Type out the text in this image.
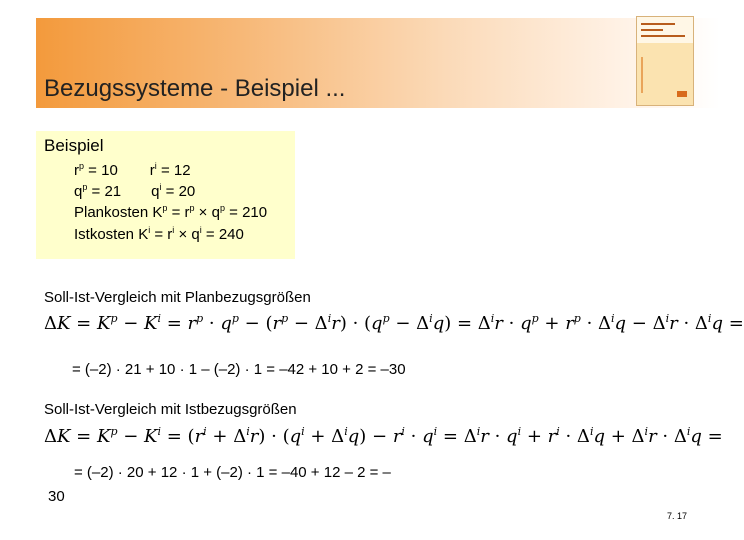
Bezugssysteme - Beispiel ...
Beispiel
$r^p = 10$ $r^i = 12$
$q^p = 21$ $q^i = 20$
Plankosten $K^p = r^p \times q^p = 210$
Istkosten $K^i = r^i \times q^i = 240$
Soll-Ist-Vergleich mit Planbezugsgrößen
$\Delta K = K^p - K^i = r^p \cdot q^p - (r^p - \Delta^ir) \cdot (q^p - \Delta^iq) = \Delta^ir \cdot q^p + r^p \cdot \Delta^iq - \Delta^ir \cdot \Delta^iq$ =
= (–2) · 21 + 10 · 1 – (–2) · 1 = –42 + 10 + 2 = –30
Soll-Ist-Vergleich mit Istbezugsgrößen
$\Delta K = K^p - K^i = (r^i + \Delta^ir) \cdot (q^i + \Delta^iq) - r^i \cdot q^i = \Delta^ir \cdot q^i + r^i \cdot \Delta^iq + \Delta^ir \cdot \Delta^iq$ =
= (–2) · 20 + 12 · 1 + (–2) · 1 = –40 + 12 – 2 = –
30
7. 17
